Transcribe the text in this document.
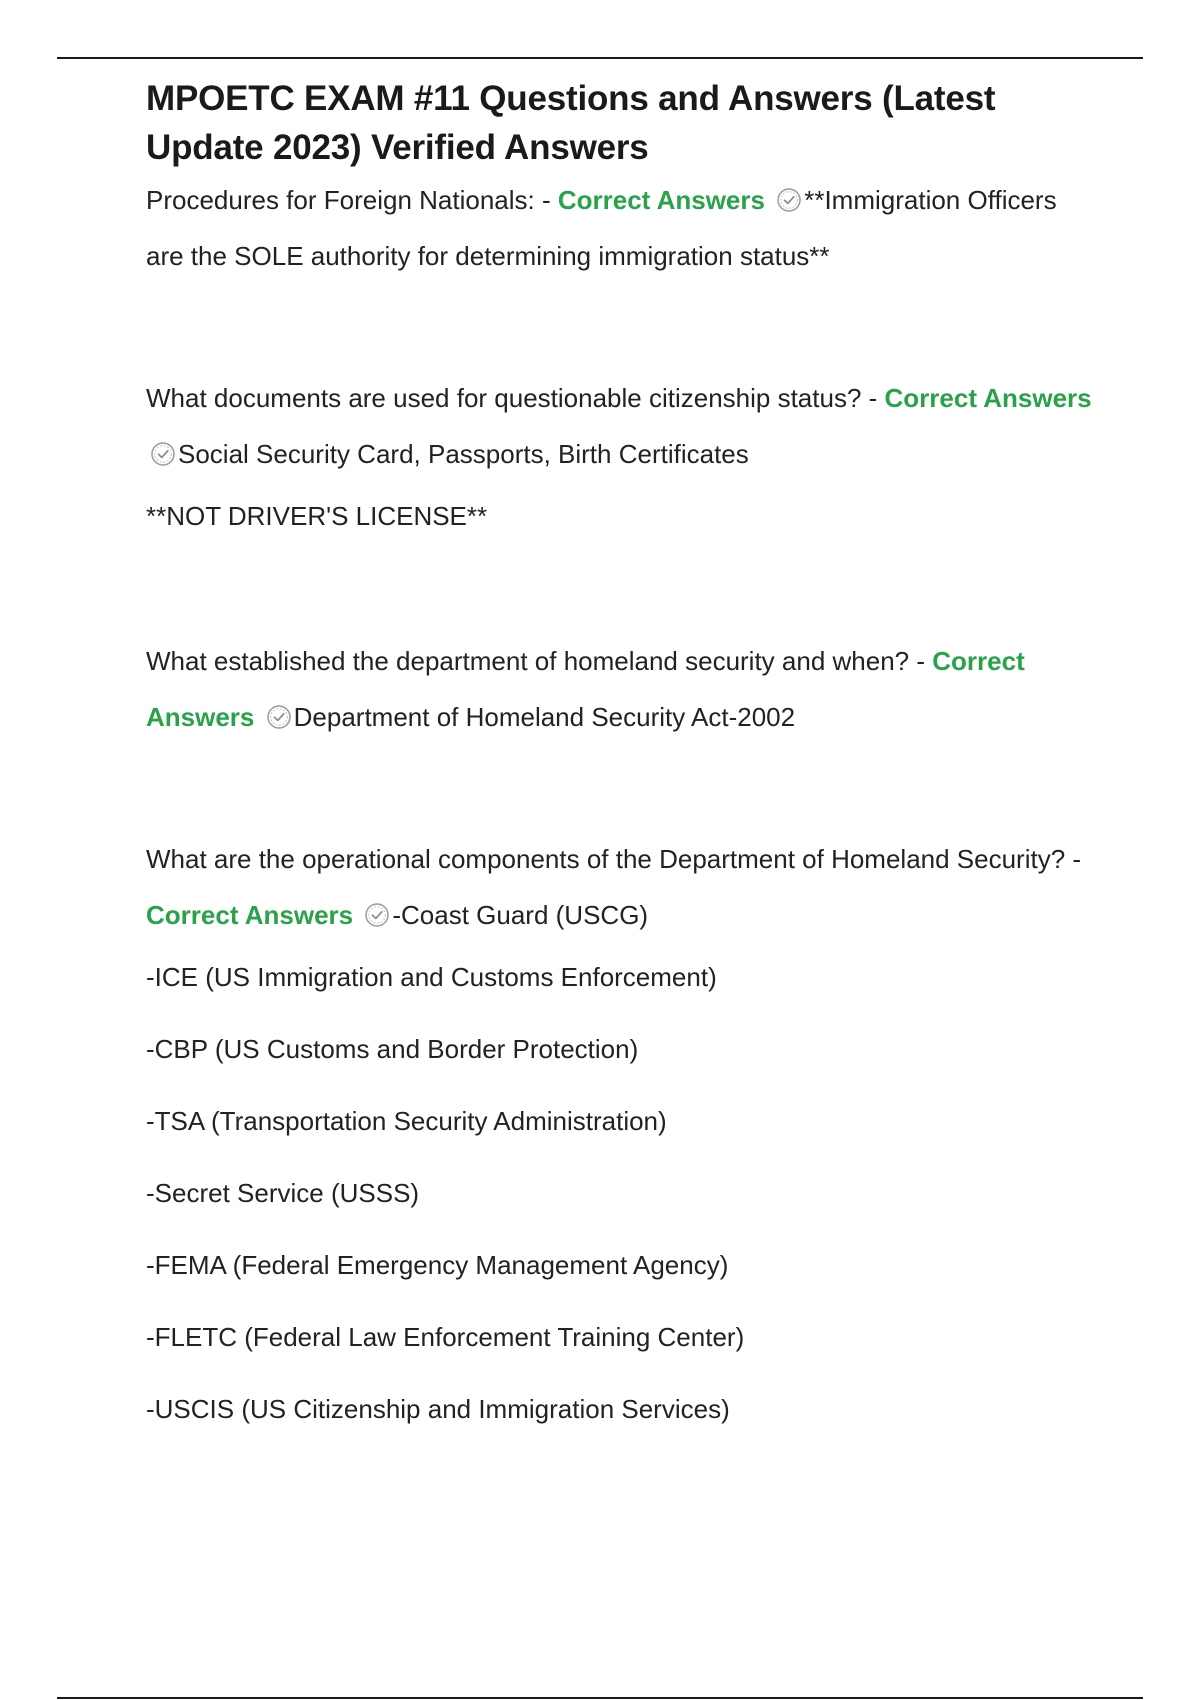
MPOETC EXAM #11 Questions and Answers (Latest Update 2023) Verified Answers

Procedures for Foreign Nationals: - Correct Answers **Immigration Officers are the SOLE authority for determining immigration status**

What documents are used for questionable citizenship status? - Correct Answers Social Security Card, Passports, Birth Certificates

**NOT DRIVER'S LICENSE**

What established the department of homeland security and when? - Correct Answers Department of Homeland Security Act-2002

What are the operational components of the Department of Homeland Security? - Correct Answers -Coast Guard (USCG)

-ICE (US Immigration and Customs Enforcement)

-CBP (US Customs and Border Protection)

-TSA (Transportation Security Administration)

-Secret Service (USSS)

-FEMA (Federal Emergency Management Agency)

-FLETC (Federal Law Enforcement Training Center)

-USCIS (US Citizenship and Immigration Services)
